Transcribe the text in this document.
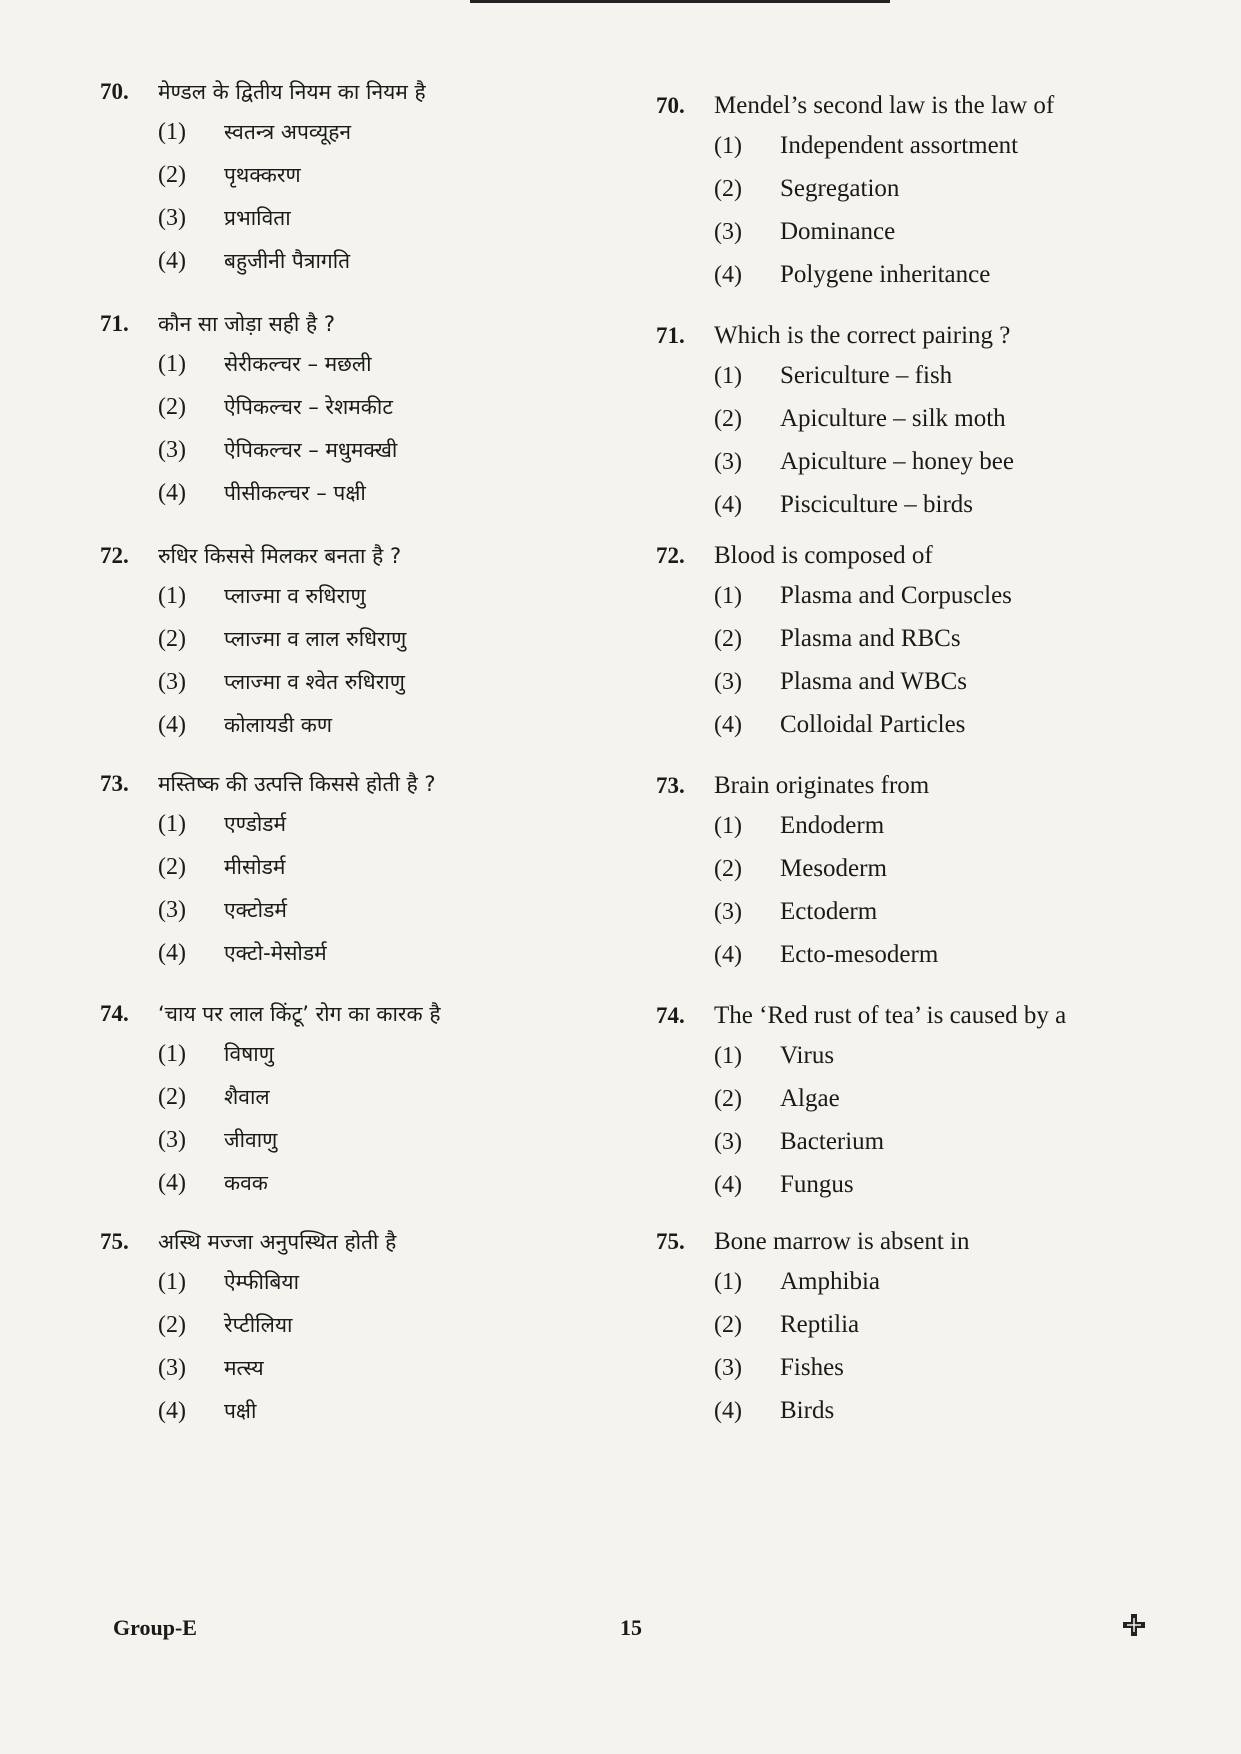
70.	मेण्डल के द्वितीय नियम का नियम है
(1)	स्वतन्त्र अपव्यूहन
(2)	पृथक्करण
(3)	प्रभाविता
(4)	बहुजीनी पैत्रागति
71.	कौन सा जोड़ा सही है ?
(1)	सेरीकल्चर – मछली
(2)	ऐपिकल्चर – रेशमकीट
(3)	ऐपिकल्चर – मधुमक्खी
(4)	पीसीकल्चर – पक्षी
72.	रुधिर किससे मिलकर बनता है ?
(1)	प्लाज्मा व रुधिराणु
(2)	प्लाज्मा व लाल रुधिराणु
(3)	प्लाज्मा व श्वेत रुधिराणु
(4)	कोलायडी कण
73.	मस्तिष्क की उत्पत्ति किससे होती है ?
(1)	एण्डोडर्म
(2)	मीसोडर्म
(3)	एक्टोडर्म
(4)	एक्टो-मेसोडर्म
74.	‘चाय पर लाल किंटू’ रोग का कारक है
(1)	विषाणु
(2)	शैवाल
(3)	जीवाणु
(4)	कवक
75.	अस्थि मज्जा अनुपस्थित होती है
(1)	ऐम्फीबिया
(2)	रेप्टीलिया
(3)	मत्स्य
(4)	पक्षी
70.	Mendel’s second law is the law of
(1)	Independent assortment
(2)	Segregation
(3)	Dominance
(4)	Polygene inheritance
71.	Which is the correct pairing ?
(1)	Sericulture – fish
(2)	Apiculture – silk moth
(3)	Apiculture – honey bee
(4)	Pisciculture – birds
72.	Blood is composed of
(1)	Plasma and Corpuscles
(2)	Plasma and RBCs
(3)	Plasma and WBCs
(4)	Colloidal Particles
73.	Brain originates from
(1)	Endoderm
(2)	Mesoderm
(3)	Ectoderm
(4)	Ecto-mesoderm
74.	The ‘Red rust of tea’ is caused by a
(1)	Virus
(2)	Algae
(3)	Bacterium
(4)	Fungus
75.	Bone marrow is absent in
(1)	Amphibia
(2)	Reptilia
(3)	Fishes
(4)	Birds
Group-E	15
